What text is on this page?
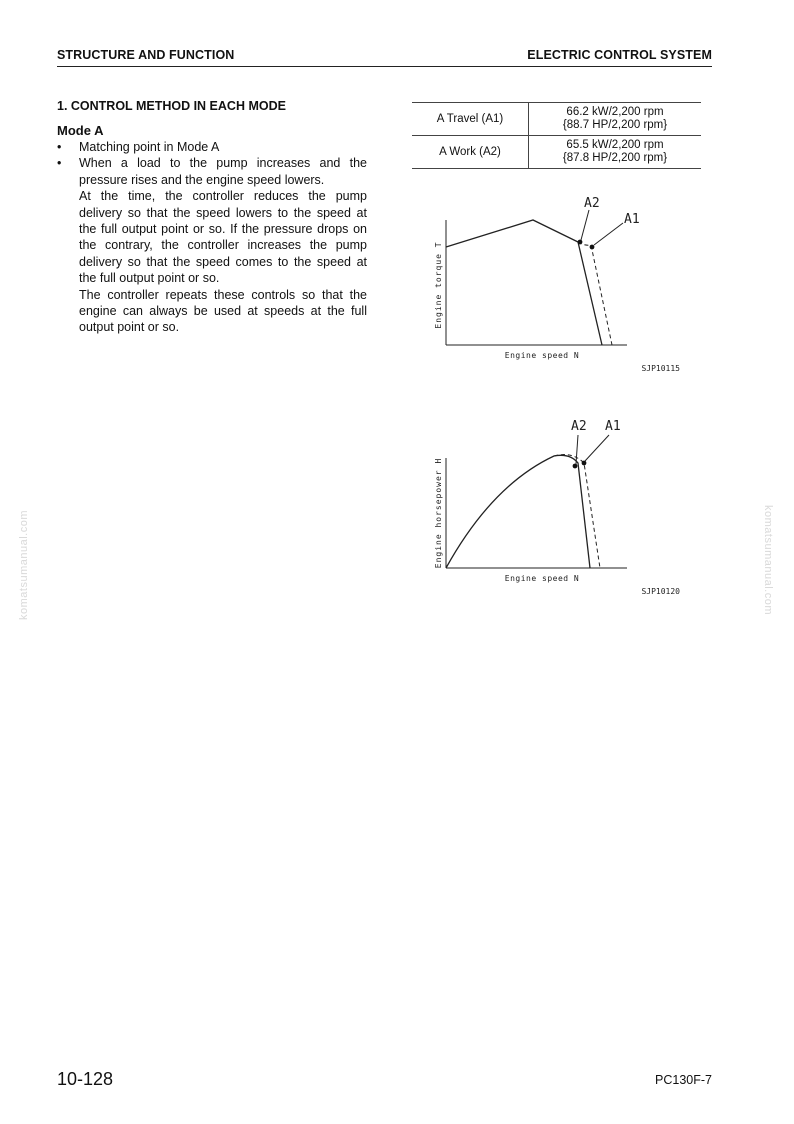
STRUCTURE AND FUNCTION	ELECTRIC CONTROL SYSTEM
1. CONTROL METHOD IN EACH MODE
Mode A
•	Matching point in Mode A
•	When a load to the pump increases and the pressure rises and the engine speed lowers.
At the time, the controller reduces the pump delivery so that the speed lowers to the speed at the full output point or so. If the pressure drops on the contrary, the controller increases the pump delivery so that the speed comes to the speed at the full output point or so.
The controller repeats these controls so that the engine can always be used at speeds at the full output point or so.
A Travel (A1)	66.2 kW/2,200 rpm
{88.7 HP/2,200 rpm}

A Work (A2)	65.5 kW/2,200 rpm
{87.8 HP/2,200 rpm}
A2
A1
Engine torque T
Engine speed N
SJP10115
A2 A1
Engine horsepower H
Engine speed N
SJP10120
komatsumanual.com	komatsumanual.com
10-128	PC130F-7
